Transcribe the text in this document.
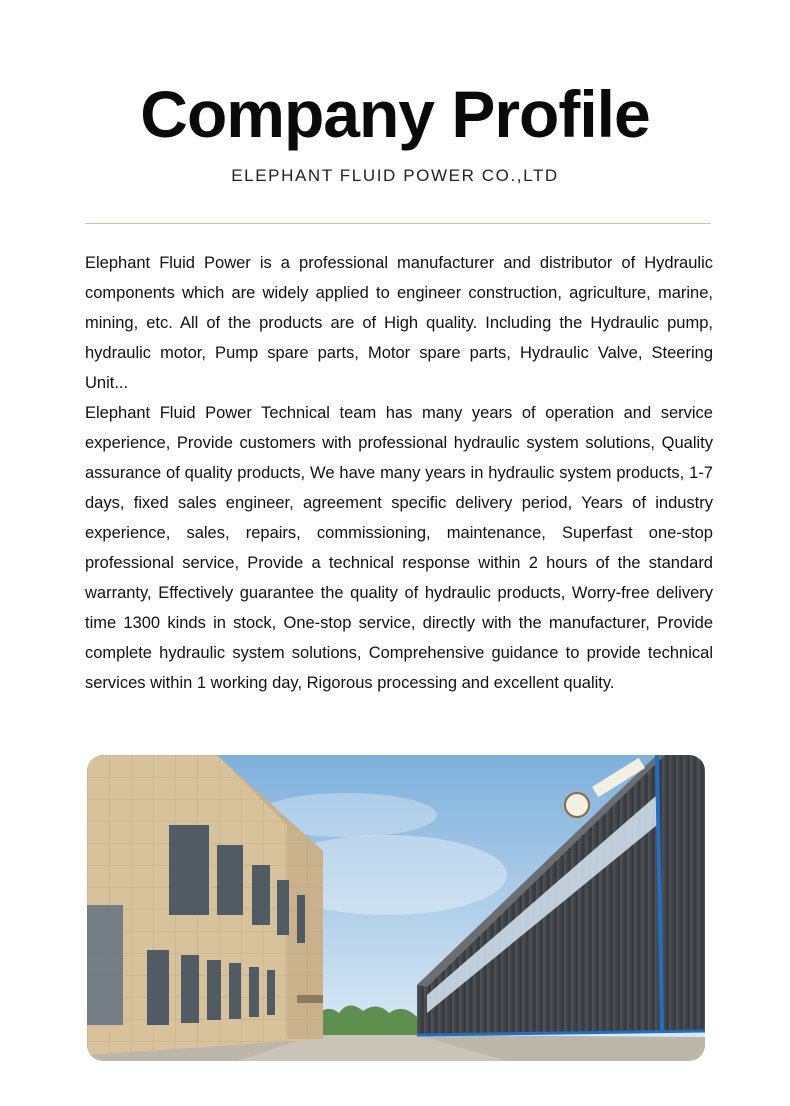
Company Profile
ELEPHANT FLUID POWER CO.,LTD

Elephant Fluid Power is a professional manufacturer and distributor of Hydraulic components which are widely applied to engineer construction, agriculture, marine, mining, etc. All of the products are of High quality. Including the Hydraulic pump, hydraulic motor, Pump spare parts, Motor spare parts, Hydraulic Valve, Steering Unit...

Elephant Fluid Power Technical team has many years of operation and service experience, Provide customers with professional hydraulic system solutions, Quality assurance of quality products, We have many years in hydraulic system products, 1-7 days, fixed sales engineer, agreement specific delivery period, Years of industry experience, sales, repairs, commissioning, maintenance, Superfast one-stop professional service, Provide a technical response within 2 hours of the standard warranty, Effectively guarantee the quality of hydraulic products, Worry-free delivery time 1300 kinds in stock, One-stop service, directly with the manufacturer, Provide complete hydraulic system solutions, Comprehensive guidance to provide technical services within 1 working day, Rigorous processing and excellent quality.
